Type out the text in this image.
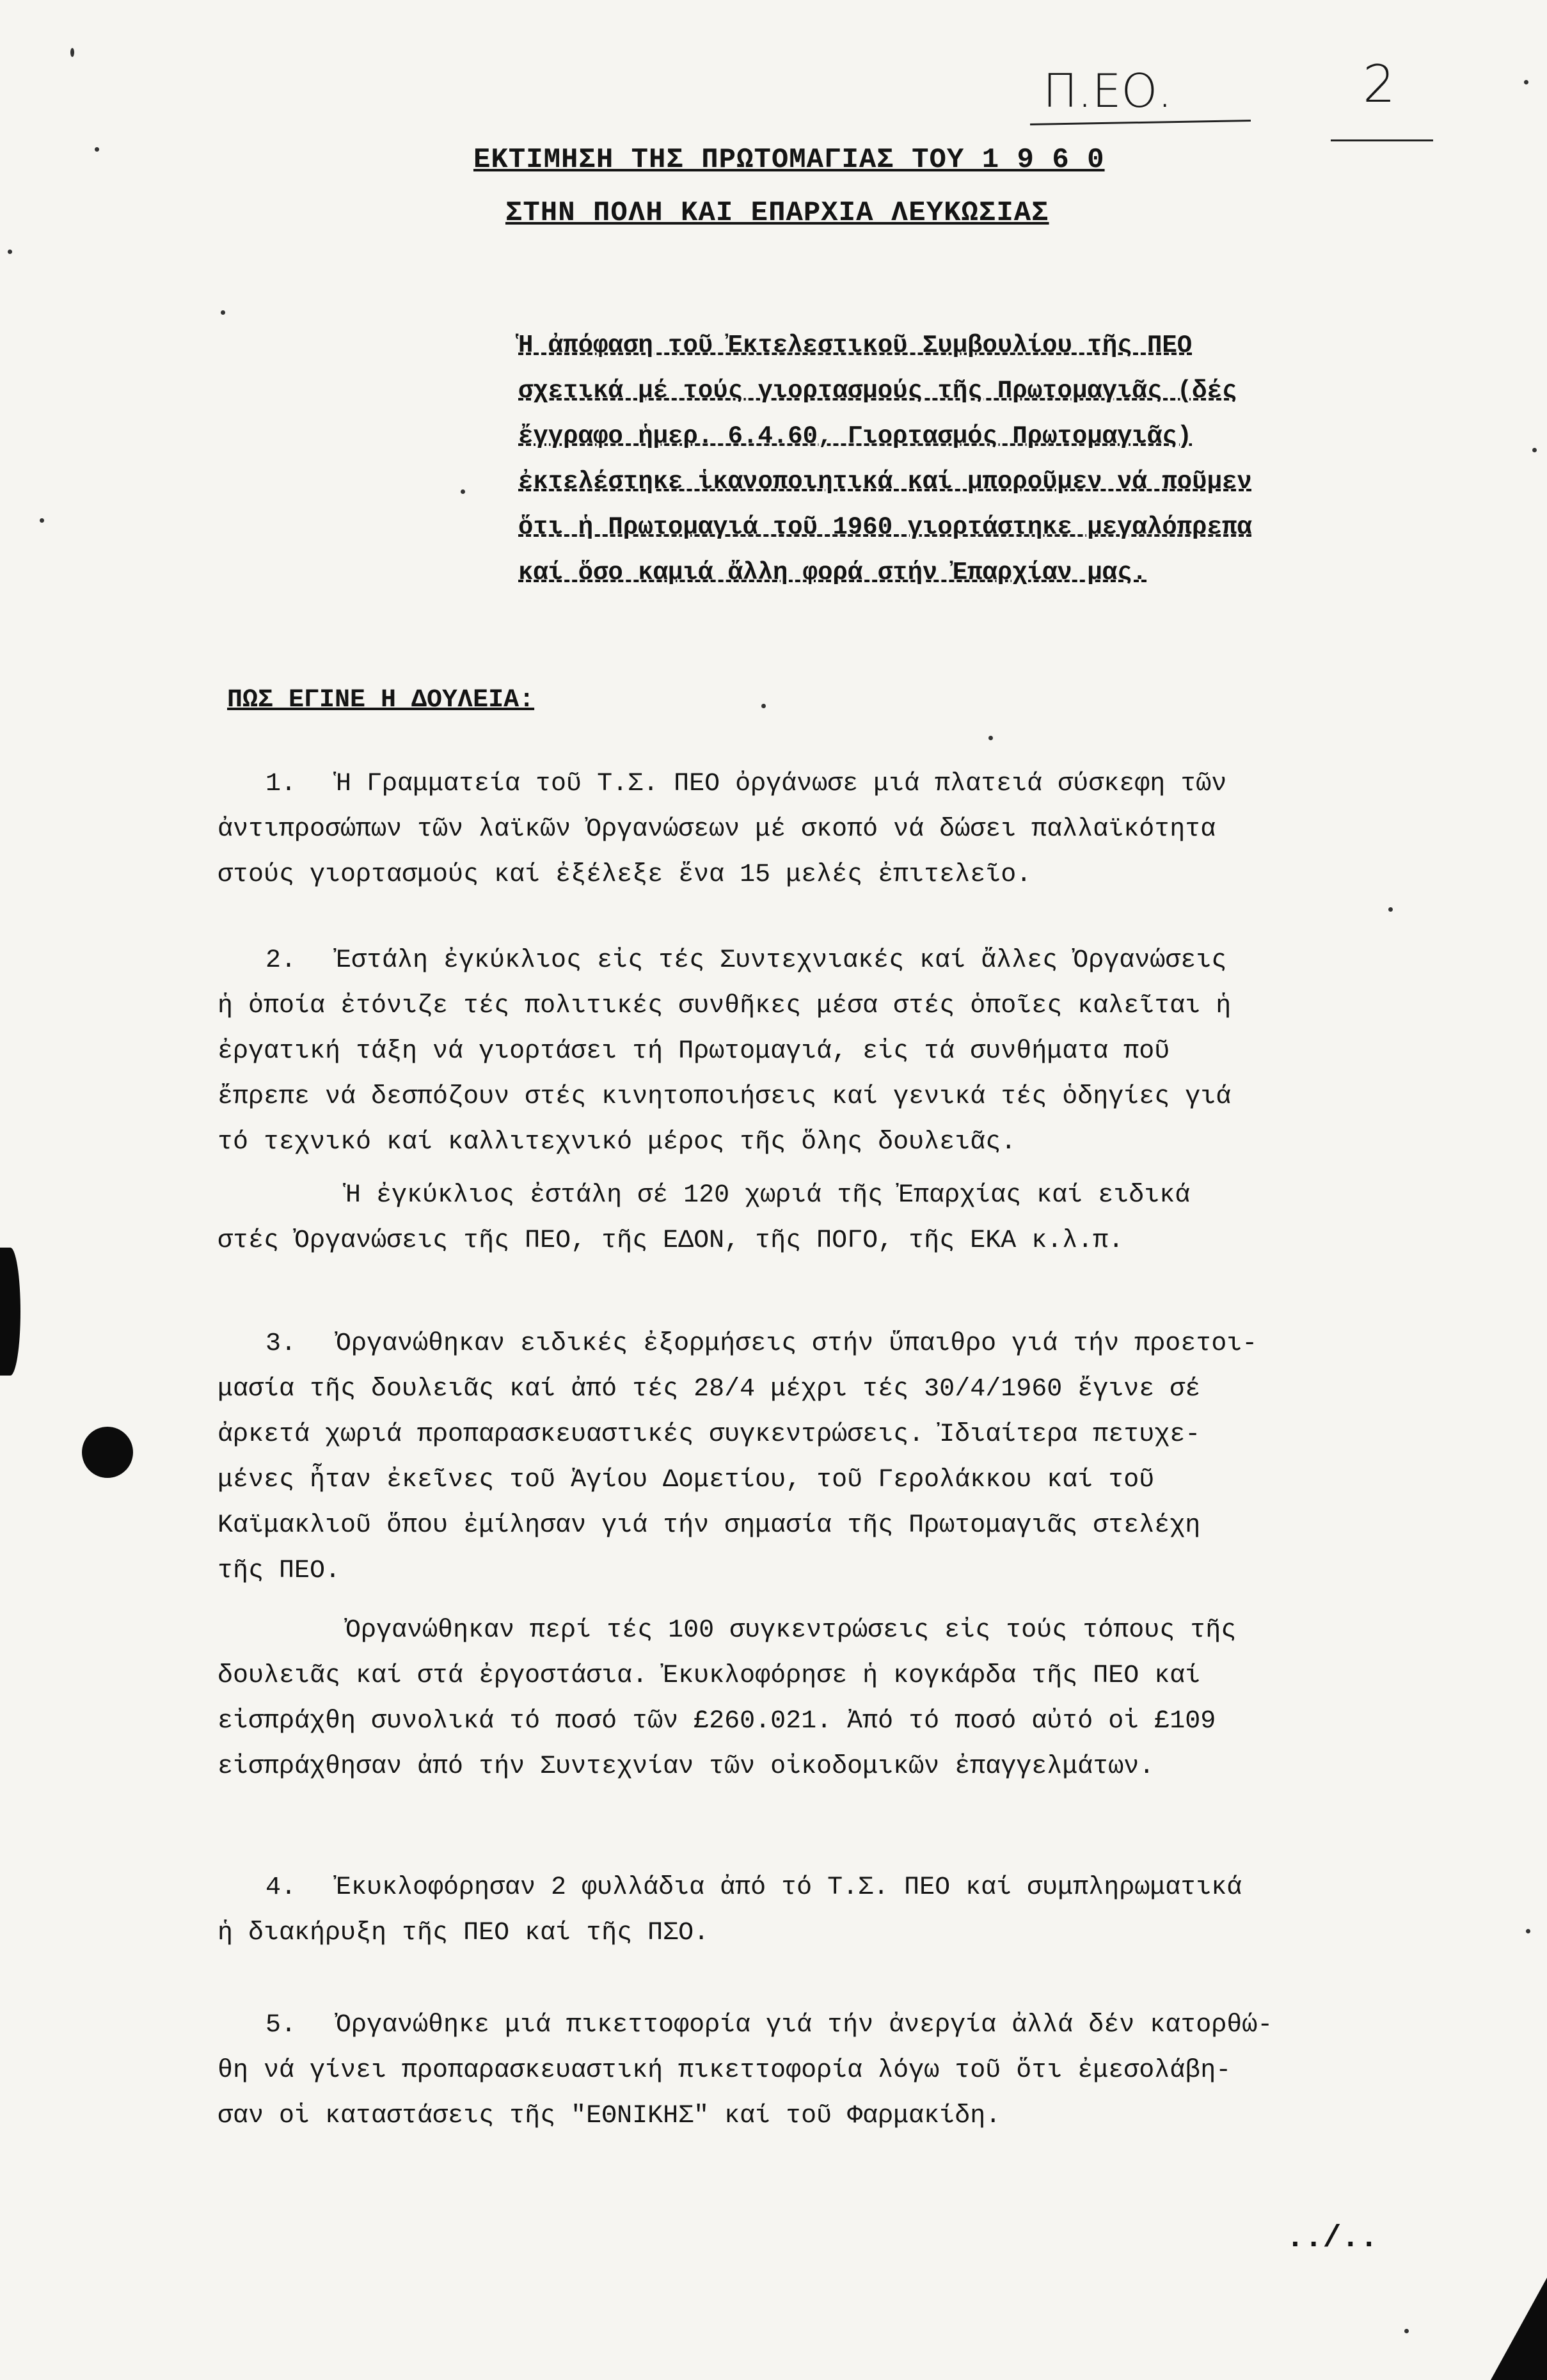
Π.ΕΟ.	2
ΕΚΤΙΜΗΣΗ ΤΗΣ ΠΡΩΤΟΜΑΓΙΑΣ ΤΟΥ 1 9 6 0
ΣΤΗΝ ΠΟΛΗ ΚΑΙ ΕΠΑΡΧΙΑ ΛΕΥΚΩΣΙΑΣ
Ἡ ἀπόφαση τοῦ Ἐκτελεστικοῦ Συμβουλίου τῆς ΠΕΟ
σχετικά μέ τούς γιορτασμούς τῆς Πρωτομαγιᾶς (δές
ἔγγραφο ἡμερ. 6.4.60, Γιορτασμός Πρωτομαγιᾶς)
ἐκτελέστηκε ἱκανοποιητικά καί μποροῦμεν νά ποῦμεν
ὅτι ἡ Πρωτομαγιά τοῦ 1960 γιορτάστηκε μεγαλόπρεπα
καί ὅσο καμιά ἄλλη φορά στήν Ἐπαρχίαν μας.
ΠΩΣ ΕΓΙΝΕ Η ΔΟΥΛΕΙΑ:
1. Ἡ Γραμματεία τοῦ Τ.Σ. ΠΕΟ ὀργάνωσε μιά πλατειά σύσκεφη τῶν
ἀντιπροσώπων τῶν λαϊκῶν Ὀργανώσεων μέ σκοπό νά δώσει παλλαϊκότητα
στούς γιορτασμούς καί ἐξέλεξε ἕνα 15 μελές ἐπιτελεῖο.
2. Ἐστάλη ἐγκύκλιος εἰς τές Συντεχνιακές καί ἄλλες Ὀργανώσεις
ἡ ὁποία ἐτόνιζε τές πολιτικές συνθῆκες μέσα στές ὁποῖες καλεῖται ἡ
ἐργατική τάξη νά γιορτάσει τή Πρωτομαγιά, εἰς τά συνθήματα ποῦ
ἔπρεπε νά δεσπόζουν στές κινητοποιήσεις καί γενικά τές ὁδηγίες γιά
τό τεχνικό καί καλλιτεχνικό μέρος τῆς ὅλης δουλειᾶς.
Ἡ ἐγκύκλιος ἐστάλη σέ 120 χωριά τῆς Ἐπαρχίας καί ειδικά
στές Ὀργανώσεις τῆς ΠΕΟ, τῆς ΕΔΟΝ, τῆς ΠΟΓΟ, τῆς ΕΚΑ κ.λ.π.
3. Ὀργανώθηκαν ειδικές ἐξορμήσεις στήν ὕπαιθρο γιά τήν προετοι-
μασία τῆς δουλειᾶς καί ἀπό τές 28/4 μέχρι τές 30/4/1960 ἔγινε σέ
ἀρκετά χωριά προπαρασκευαστικές συγκεντρώσεις. Ἰδιαίτερα πετυχε-
μένες ἦταν ἐκεῖνες τοῦ Ἁγίου Δομετίου, τοῦ Γερολάκκου καί τοῦ
Καϊμακλιοῦ ὅπου ἐμίλησαν γιά τήν σημασία τῆς Πρωτομαγιᾶς στελέχη
τῆς ΠΕΟ.
Ὀργανώθηκαν περί τές 100 συγκεντρώσεις εἰς τούς τόπους τῆς
δουλειᾶς καί στά ἐργοστάσια. Ἐκυκλοφόρησε ἡ κογκάρδα τῆς ΠΕΟ καί
εἰσπράχθη συνολικά τό ποσό τῶν £260.021. Ἀπό τό ποσό αὐτό οἱ £109
εἰσπράχθησαν ἀπό τήν Συντεχνίαν τῶν οἰκοδομικῶν ἐπαγγελμάτων.
4. Ἐκυκλοφόρησαν 2 φυλλάδια ἀπό τό Τ.Σ. ΠΕΟ καί συμπληρωματικά
ἡ διακήρυξη τῆς ΠΕΟ καί τῆς ΠΣΟ.
5. Ὀργανώθηκε μιά πικεττοφορία γιά τήν ἀνεργία ἀλλά δέν κατορθώ-
θη νά γίνει προπαρασκευαστική πικεττοφορία λόγω τοῦ ὅτι ἐμεσολάβη-
σαν οἱ καταστάσεις τῆς "ΕΘΝΙΚΗΣ" καί τοῦ Φαρμακίδη.
../..
